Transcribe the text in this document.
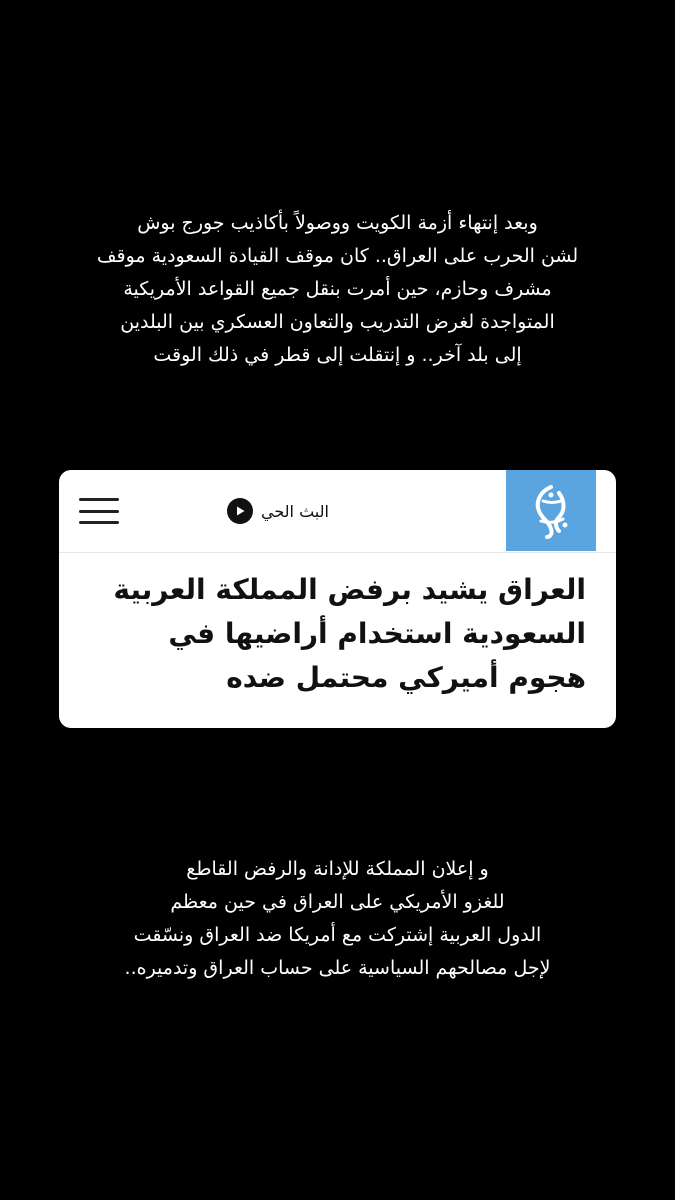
وبعد إنتهاء أزمة الكويت ووصولاً بأكاذيب جورج بوش
لشن الحرب على العراق.. كان موقف القيادة السعودية موقف
مشرف وحازم، حين أمرت بنقل جميع القواعد الأمريكية
المتواجدة لغرض التدريب والتعاون العسكري بين البلدين
إلى بلد آخر.. و إنتقلت إلى قطر في ذلك الوقت
البث الحي
العراق يشيد برفض المملكة العربية
السعودية استخدام أراضيها في
هجوم أميركي محتمل ضده
و إعلان المملكة للإدانة والرفض القاطع
للغزو الأمريكي على العراق في حين معظم
الدول العربية إشتركت مع أمريكا ضد العراق ونسّقت
لإجل مصالحهم السياسية على حساب العراق وتدميره..
